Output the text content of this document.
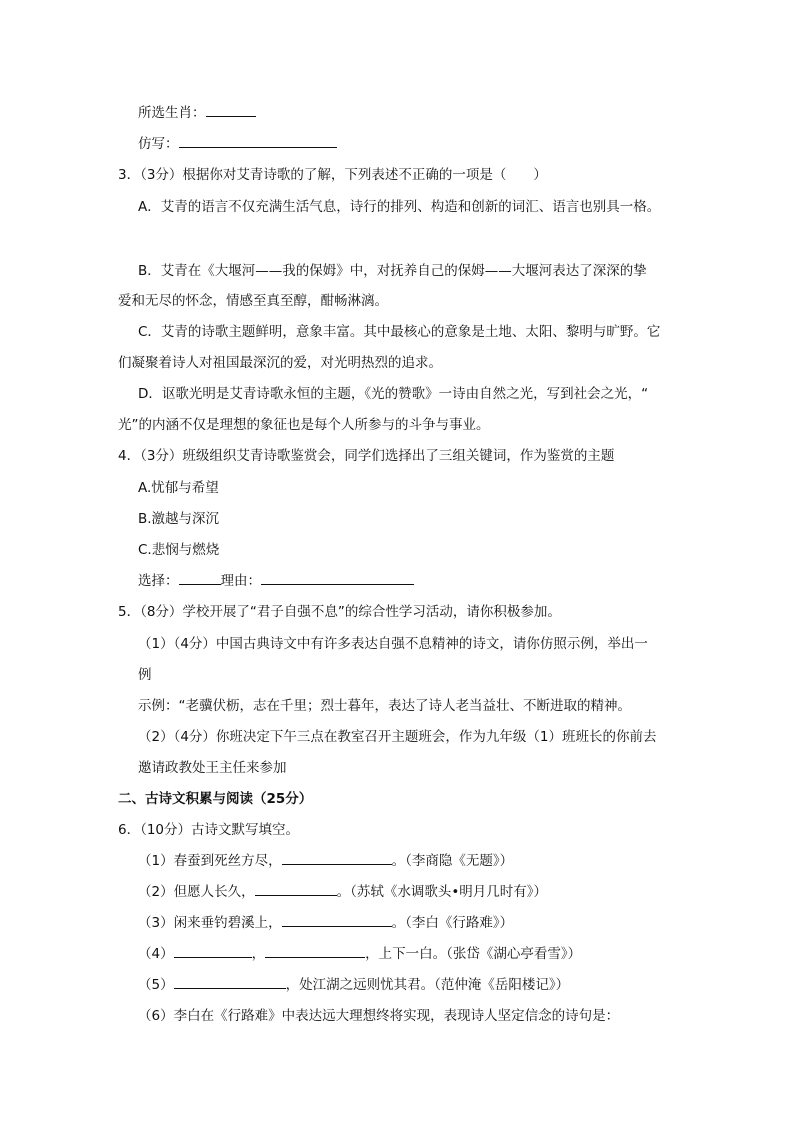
所选生肖：
仿写：
3．（3分）根据你对艾青诗歌的了解，下列表述不正确的一项是（　　）
A．艾青的语言不仅充满生活气息，诗行的排列、构造和创新的词汇、语言也别具一格。
B．艾青在《大堰河——我的保姆》中，对抚养自己的保姆——大堰河表达了深深的挚
爱和无尽的怀念，情感至真至醇，酣畅淋漓。
C．艾青的诗歌主题鲜明，意象丰富。其中最核心的意象是土地、太阳、黎明与旷野。它
们凝聚着诗人对祖国最深沉的爱，对光明热烈的追求。
D．讴歌光明是艾青诗歌永恒的主题，《光的赞歌》一诗由自然之光，写到社会之光，“
光”的内涵不仅是理想的象征也是每个人所参与的斗争与事业。
4．（3分）班级组织艾青诗歌鉴赏会，同学们选择出了三组关键词，作为鉴赏的主题
A.忧郁与希望
B.激越与深沉
C.悲悯与燃烧
选择：	理由：
5．（8分）学校开展了“君子自强不息”的综合性学习活动，请你积极参加。
（1）（4分）中国古典诗文中有许多表达自强不息精神的诗文，请你仿照示例，举出一
例
示例：“老骥伏枥，志在千里；烈士暮年，表达了诗人老当益壮、不断进取的精神。
（2）（4分）你班决定下午三点在教室召开主题班会，作为九年级（1）班班长的你前去
邀请政教处王主任来参加
二、古诗文积累与阅读（25分）
6．（10分）古诗文默写填空。
（1）春蚕到死丝方尽，	。（李商隐《无题》）
（2）但愿人长久，	。（苏轼《水调歌头•明月几时有》）
（3）闲来垂钓碧溪上，	。（李白《行路难》）
（4）	，	，上下一白。（张岱《湖心亭看雪》）
（5）	，处江湖之远则忧其君。（范仲淹《岳阳楼记》）
（6）李白在《行路难》中表达远大理想终将实现，表现诗人坚定信念的诗句是：
